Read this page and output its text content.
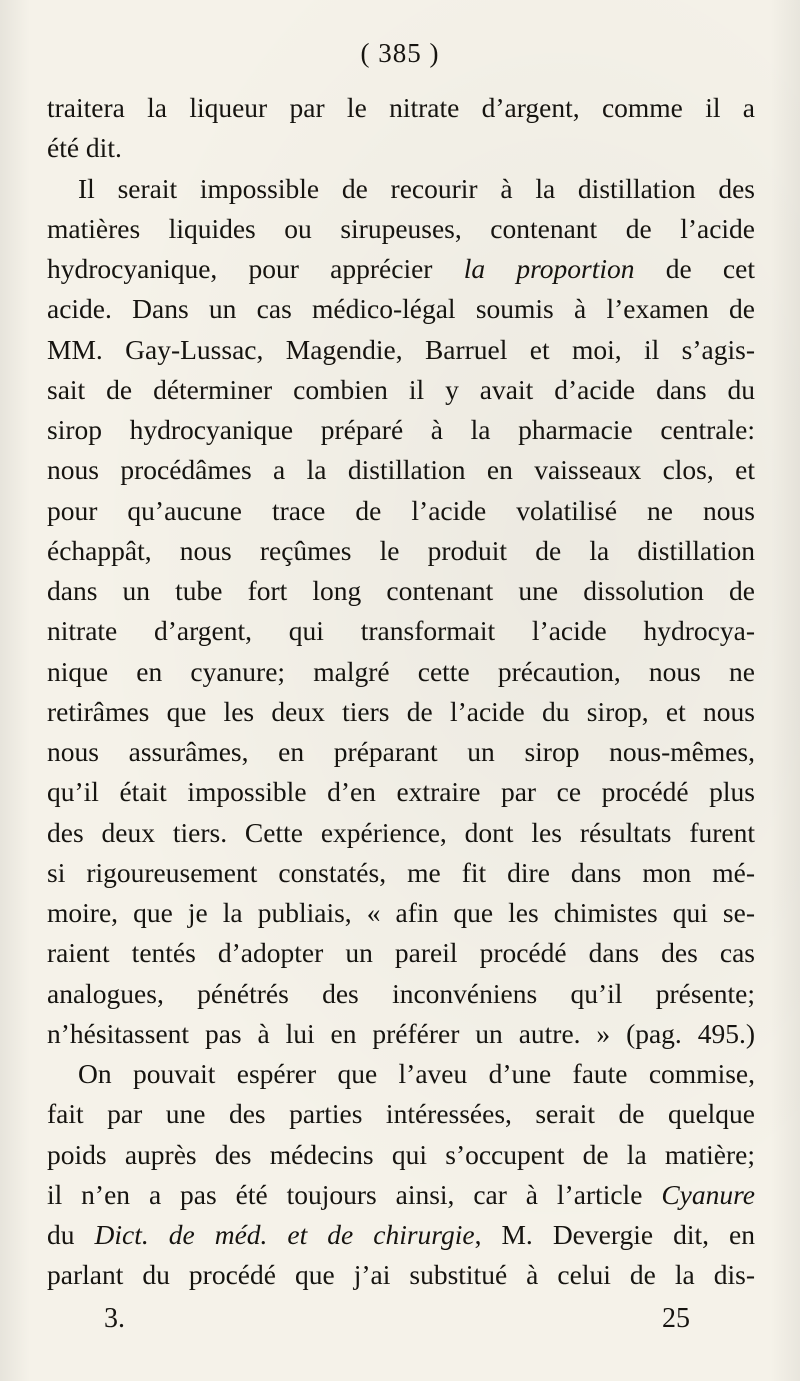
( 385 )
traitera la liqueur par le nitrate d’argent, comme il a
été dit.
Il serait impossible de recourir à la distillation des
matières liquides ou sirupeuses, contenant de l’acide
hydrocyanique, pour apprécier la proportion de cet
acide. Dans un cas médico-légal soumis à l’examen de
MM. Gay-Lussac, Magendie, Barruel et moi, il s’agis-
sait de déterminer combien il y avait d’acide dans du
sirop hydrocyanique préparé à la pharmacie centrale:
nous procédâmes a la distillation en vaisseaux clos, et
pour qu’aucune trace de l’acide volatilisé ne nous
échappât, nous reçûmes le produit de la distillation
dans un tube fort long contenant une dissolution de
nitrate d’argent, qui transformait l’acide hydrocya-
nique en cyanure; malgré cette précaution, nous ne
retirâmes que les deux tiers de l’acide du sirop, et nous
nous assurâmes, en préparant un sirop nous-mêmes,
qu’il était impossible d’en extraire par ce procédé plus
des deux tiers. Cette expérience, dont les résultats furent
si rigoureusement constatés, me fit dire dans mon mé-
moire, que je la publiais, « afin que les chimistes qui se-
raient tentés d’adopter un pareil procédé dans des cas
analogues, pénétrés des inconvéniens qu’il présente;
n’hésitassent pas à lui en préférer un autre. » (pag. 495.)
On pouvait espérer que l’aveu d’une faute commise,
fait par une des parties intéressées, serait de quelque
poids auprès des médecins qui s’occupent de la matière;
il n’en a pas été toujours ainsi, car à l’article Cyanure
du Dict. de méd. et de chirurgie, M. Devergie dit, en
parlant du procédé que j’ai substitué à celui de la dis-
3.	25
